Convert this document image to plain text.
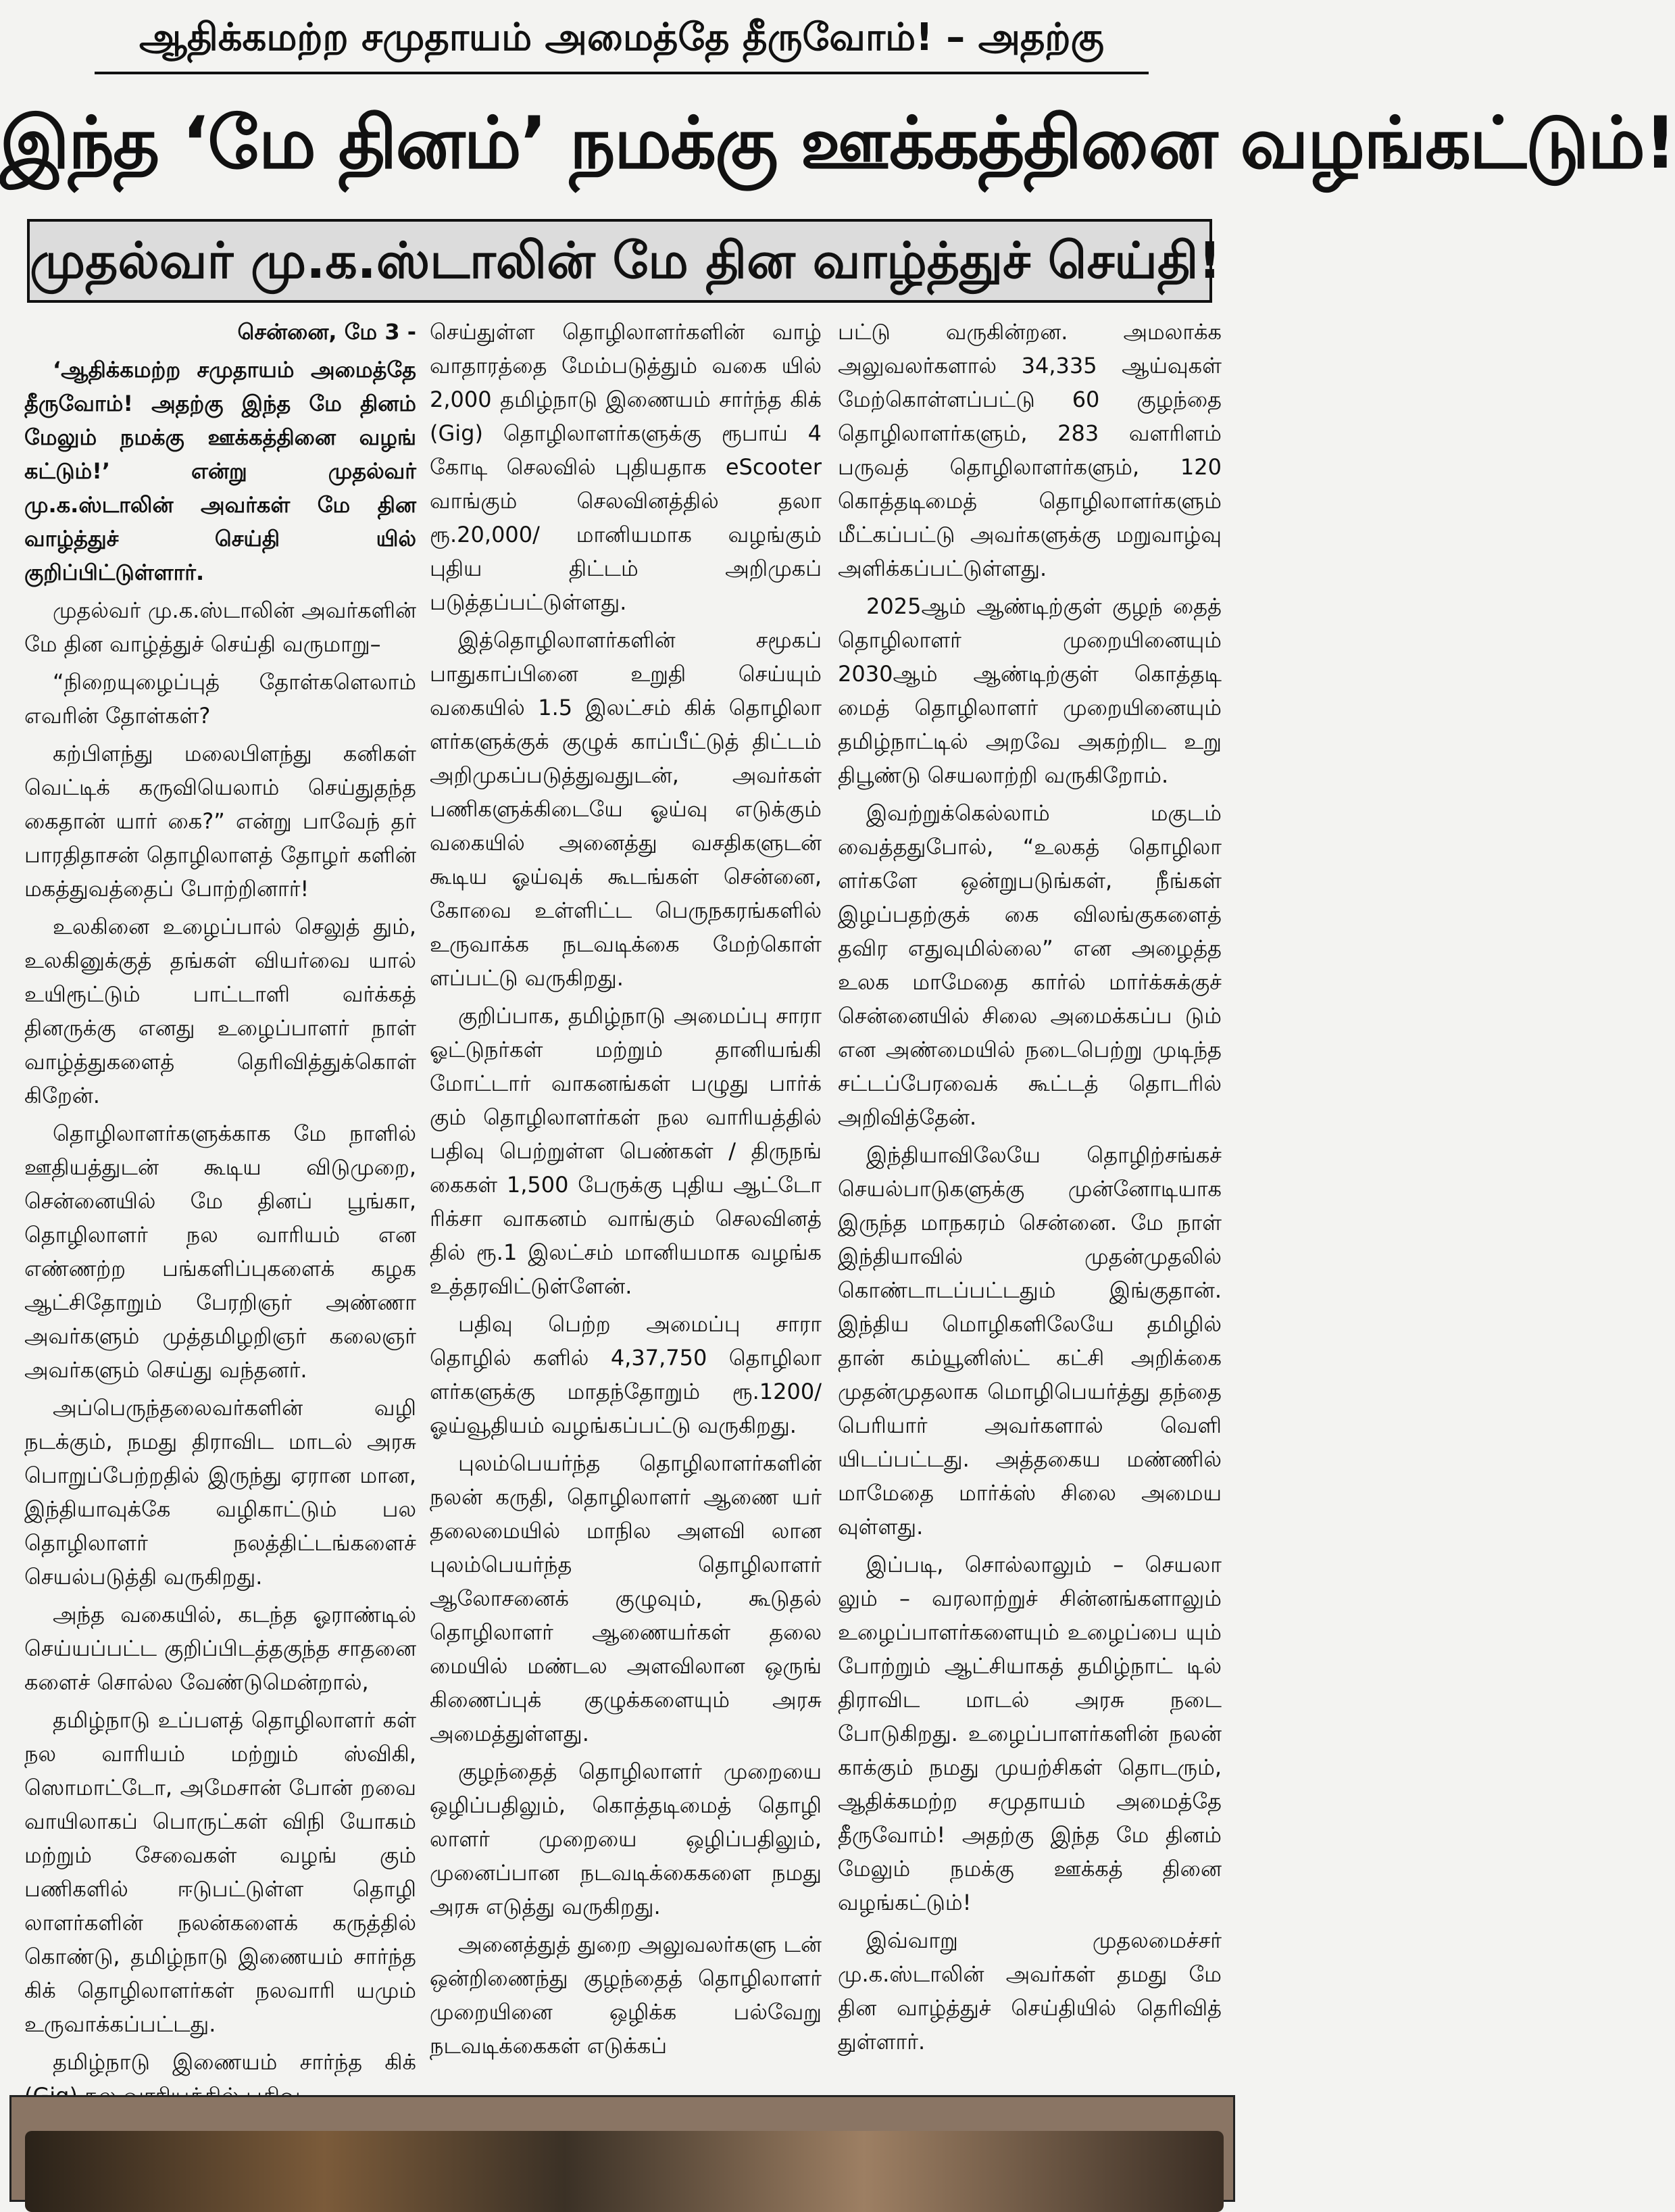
ஆதிக்கமற்ற சமுதாயம் அமைத்தே தீருவோம்! – அதற்கு
இந்த ‘மே தினம்’ நமக்கு ஊக்கத்தினை வழங்கட்டும்!
முதல்வர் மு.க.ஸ்டாலின் மே தின வாழ்த்துச் செய்தி!
சென்னை, மே 3 -
‘ஆதிக்கமற்ற சமுதாயம் அமைத்தே தீருவோம்! அதற்கு இந்த மே தினம் மேலும் நமக்கு ஊக்கத்தினை வழங் கட்டும்!’ என்று முதல்வர் மு.க.ஸ்டாலின் அவர்கள் மே தின வாழ்த்துச் செய்தி யில் குறிப்பிட்டுள்ளார்.

முதல்வர் மு.க.ஸ்டாலின் அவர்களின் மே தின வாழ்த்துச் செய்தி வருமாறு–

“நிறையுழைப்புத் தோள்களெலாம் எவரின் தோள்கள்?

கற்பிளந்து மலைபிளந்து கனிகள் வெட்டிக் கருவியெலாம் செய்துதந்த கைதான் யார் கை?” என்று பாவேந் தர் பாரதிதாசன் தொழிலாளத் தோழர் களின் மகத்துவத்தைப் போற்றினார்!

உலகினை உழைப்பால் செலுத் தும், உலகினுக்குத் தங்கள் வியர்வை யால் உயிரூட்டும் பாட்டாளி வர்க்கத் தினருக்கு எனது உழைப்பாளர் நாள் வாழ்த்துகளைத் தெரிவித்துக்கொள் கிறேன்.

தொழிலாளர்களுக்காக மே நாளில் ஊதியத்துடன் கூடிய விடுமுறை, சென்னையில் மே தினப் பூங்கா, தொழிலாளர் நல வாரியம் என எண்ணற்ற பங்களிப்புகளைக் கழக ஆட்சிதோறும் பேரறிஞர் அண்ணா அவர்களும் முத்தமிழறிஞர் கலைஞர் அவர்களும் செய்து வந்தனர்.

அப்பெருந்தலைவர்களின் வழி நடக்கும், நமது திராவிட மாடல் அரசு பொறுப்பேற்றதில் இருந்து ஏரான மான, இந்தியாவுக்கே வழிகாட்டும் பல தொழிலாளர் நலத்திட்டங்களைச் செயல்படுத்தி வருகிறது.

அந்த வகையில், கடந்த ஓராண்டில் செய்யப்பட்ட குறிப்பிடத்தகுந்த சாதனை களைச் சொல்ல வேண்டுமென்றால்,

தமிழ்நாடு உப்பளத் தொழிலாளர் கள் நல வாரியம் மற்றும் ஸ்விகி, ஸொமாட்டோ, அமேசான் போன் றவை வாயிலாகப் பொருட்கள் விநி யோகம் மற்றும் சேவைகள் வழங் கும் பணிகளில் ஈடுபட்டுள்ள தொழி லாளர்களின் நலன்களைக் கருத்தில் கொண்டு, தமிழ்நாடு இணையம் சார்ந்த கிக் தொழிலாளர்கள் நலவாரி யமும் உருவாக்கப்பட்டது.

தமிழ்நாடு இணையம் சார்ந்த கிக்

செய்துள்ள தொழிலாளர்களின் வாழ் வாதாரத்தை மேம்படுத்தும் வகை யில் 2,000 தமிழ்நாடு இணையம் சார்ந்த கிக் (Gig) தொழிலாளர்களுக்கு ரூபாய் 4 கோடி செலவில் புதியதாக eScooter வாங்கும் செலவினத்தில் தலா ரூ.20,000/ மானியமாக வழங்கும் புதிய திட்டம் அறிமுகப் படுத்தப்பட்டுள்ளது.

இத்தொழிலாளர்களின் சமூகப் பாதுகாப்பினை உறுதி செய்யும் வகையில் 1.5 இலட்சம் கிக் தொழிலா ளர்களுக்குக் குழுக் காப்பீட்டுத் திட்டம் அறிமுகப்படுத்துவதுடன், அவர்கள் பணிகளுக்கிடையே ஓய்வு எடுக்கும் வகையில் அனைத்து வசதிகளுடன் கூடிய ஓய்வுக் கூடங்கள் சென்னை, கோவை உள்ளிட்ட பெருநகரங்களில் உருவாக்க நடவடிக்கை மேற்கொள் ளப்பட்டு வருகிறது.

குறிப்பாக, தமிழ்நாடு அமைப்பு சாரா ஓட்டுநர்கள் மற்றும் தானியங்கி மோட்டார் வாகனங்கள் பழுது பார்க் கும் தொழிலாளர்கள் நல வாரியத்தில் பதிவு பெற்றுள்ள பெண்கள் / திருநங் கைகள் 1,500 பேருக்கு புதிய ஆட்டோ ரிக்சா வாகனம் வாங்கும் செலவினத் தில் ரூ.1 இலட்சம் மானியமாக வழங்க உத்தரவிட்டுள்ளேன்.

பதிவு பெற்ற அமைப்பு சாரா தொழில் களில் 4,37,750 தொழிலா ளர்களுக்கு மாதந்தோறும் ரூ.1200/ ஓய்வூதியம் வழங்கப்பட்டு வருகிறது.

புலம்பெயர்ந்த தொழிலாளர்களின் நலன் கருதி, தொழிலாளர் ஆணை யர் தலைமையில் மாநில அளவி லான புலம்பெயர்ந்த தொழிலாளர் ஆலோசனைக் குழுவும், கூடுதல் தொழிலாளர் ஆணையர்கள் தலை மையில் மண்டல அளவிலான ஒருங் கிணைப்புக் குழுக்களையும் அரசு அமைத்துள்ளது.

குழந்தைத் தொழிலாளர் முறையை ஒழிப்பதிலும், கொத்தடிமைத் தொழி லாளர் முறையை ஒழிப்பதிலும், முனைப்பான நடவடிக்கைகளை நமது அரசு எடுத்து வருகிறது.

அனைத்துத் துறை அலுவலர்களு டன் ஒன்றிணைந்து குழந்தைத் தொழிலாளர் முறையினை ஒழிக்க பல்வேறு நடவடிக்கைகள் எடுக்கப்

பட்டு வருகின்றன. அமலாக்க அலுவலர்களால் 34,335 ஆய்வுகள் மேற்கொள்ளப்பட்டு 60 குழந்தை தொழிலாளர்களும், 283 வளரிளம் பருவத் தொழிலாளர்களும், 120 கொத்தடிமைத் தொழிலாளர்களும் மீட்கப்பட்டு அவர்களுக்கு மறுவாழ்வு அளிக்கப்பட்டுள்ளது.

2025ஆம் ஆண்டிற்குள் குழந் தைத் தொழிலாளர் முறையினையும் 2030ஆம் ஆண்டிற்குள் கொத்தடி மைத் தொழிலாளர் முறையினையும் தமிழ்நாட்டில் அறவே அகற்றிட உறு திபூண்டு செயலாற்றி வருகிறோம்.

இவற்றுக்கெல்லாம் மகுடம் வைத்ததுபோல், “உலகத் தொழிலா ளர்களே ஒன்றுபடுங்கள், நீங்கள் இழப்பதற்குக் கை விலங்குகளைத் தவிர எதுவுமில்லை” என அழைத்த உலக மாமேதை கார்ல் மார்க்சுக்குச் சென்னையில் சிலை அமைக்கப்ப டும் என அண்மையில் நடைபெற்று முடிந்த சட்டப்பேரவைக் கூட்டத் தொடரில் அறிவித்தேன்.

இந்தியாவிலேயே தொழிற்சங்கச் செயல்பாடுகளுக்கு முன்னோடியாக இருந்த மாநகரம் சென்னை. மே நாள் இந்தியாவில் முதன்முதலில் கொண்டாடப்பட்டதும் இங்குதான். இந்திய மொழிகளிலேயே தமிழில் தான் கம்யூனிஸ்ட் கட்சி அறிக்கை முதன்முதலாக மொழிபெயர்த்து தந்தை பெரியார் அவர்களால் வெளி யிடப்பட்டது. அத்தகைய மண்ணில் மாமேதை மார்க்ஸ் சிலை அமைய வுள்ளது.

இப்படி, சொல்லாலும் – செயலா லும் – வரலாற்றுச் சின்னங்களாலும் உழைப்பாளர்களையும் உழைப்பை யும் போற்றும் ஆட்சியாகத் தமிழ்நாட் டில் திராவிட மாடல் அரசு நடை போடுகிறது. உழைப்பாளர்களின் நலன் காக்கும் நமது முயற்சிகள் தொடரும், ஆதிக்கமற்ற சமுதாயம் அமைத்தே தீருவோம்! அதற்கு இந்த மே தினம் மேலும் நமக்கு ஊக்கத் தினை வழங்கட்டும்!

இவ்வாறு முதலமைச்சர் மு.க.ஸ்டாலின் அவர்கள் தமது மே தின வாழ்த்துச் செய்தியில் தெரிவித் துள்ளார்.
